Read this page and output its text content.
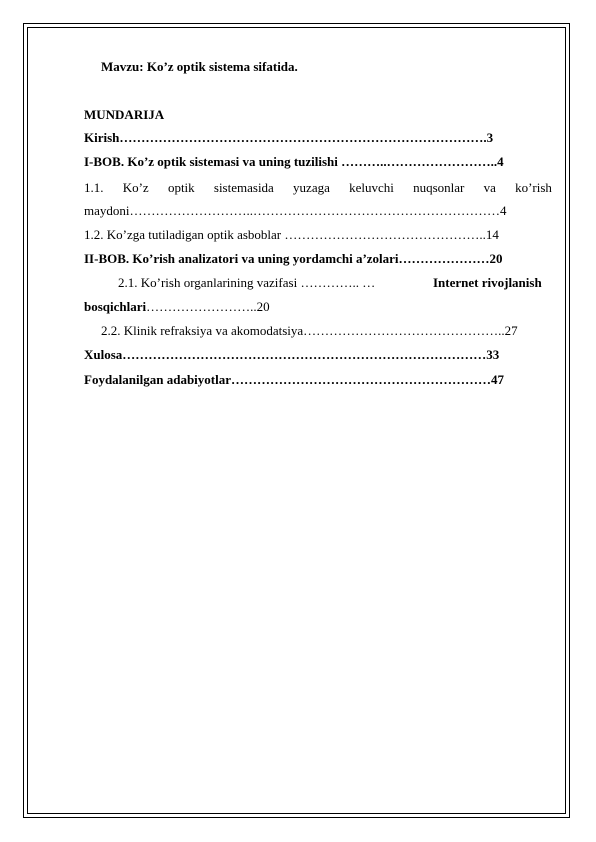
Mavzu: Ko’z optik sistema sifatida.
MUNDARIJA
Kirish………………………………………………………………………….3
I-BOB. Ko’z optik sistemasi va uning tuzilishi ………..……………………..4
1.1. Ko’z optik sistemasida yuzaga keluvchi nuqsonlar va ko’rish
maydoni………………………..…………………………………………………4
1.2. Ko’zga tutiladigan optik asboblar ………………………………………..14
II-BOB. Ko’rish analizatori va uning yordamchi a’zolari…………………20
2.1. Ko’rish organlarining vazifasi ………….. …	Internet rivojlanish
bosqichlari……………………..20
2.2. Klinik refraksiya va akomodatsiya………………………………………..27
Xulosa…………………………………………………………………………33
Foydalanilgan adabiyotlar……………………………………………………47
